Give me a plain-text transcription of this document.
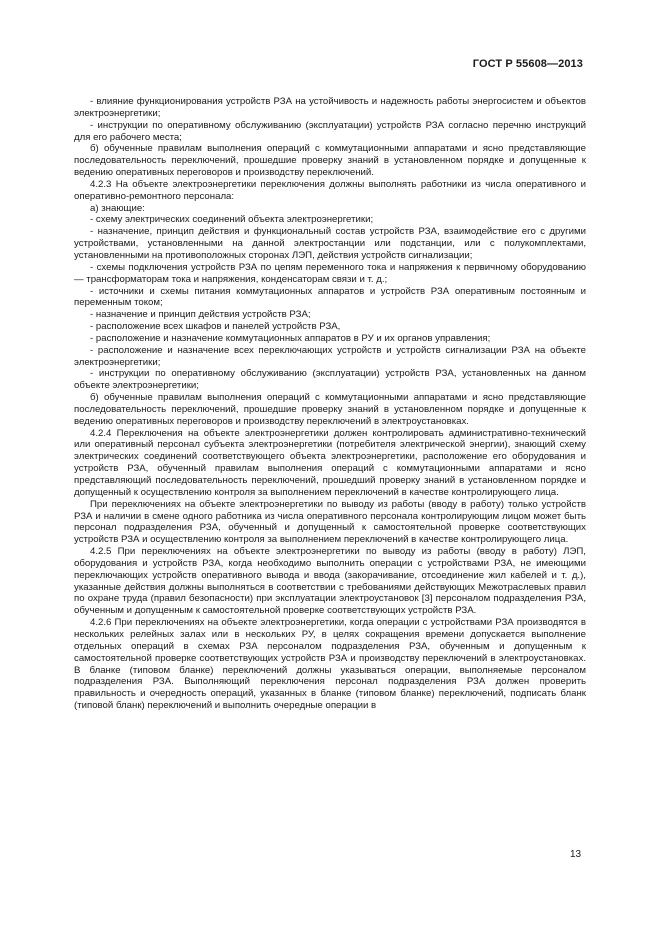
ГОСТ Р 55608—2013

- влияние функционирования устройств РЗА на устойчивость и надежность работы энергосистем и объектов электроэнергетики;

- инструкции по оперативному обслуживанию (эксплуатации) устройств РЗА согласно перечню инструкций для его рабочего места;

б) обученные правилам выполнения операций с коммутационными аппаратами и ясно представляющие последовательность переключений, прошедшие проверку знаний в установленном порядке и допущенные к ведению оперативных переговоров и производству переключений.

4.2.3 На объекте электроэнергетики переключения должны выполнять работники из числа оперативного и оперативно-ремонтного персонала:

а) знающие:

- схему электрических соединений объекта электроэнергетики;

- назначение, принцип действия и функциональный состав устройств РЗА, взаимодействие его с другими устройствами, установленными на данной электростанции или подстанции, или с полукомплектами, установленными на противоположных сторонах ЛЭП, действия устройств сигнализации;

- схемы подключения устройств РЗА по цепям переменного тока и напряжения к первичному оборудованию — трансформаторам тока и напряжения, конденсаторам связи и т. д.;

- источники и схемы питания коммутационных аппаратов и устройств РЗА оперативным постоянным и переменным током;

- назначение и принцип действия устройств РЗА;

- расположение всех шкафов и панелей устройств РЗА,

- расположение и назначение коммутационных аппаратов в РУ и их органов управления;

- расположение и назначение всех переключающих устройств и устройств сигнализации РЗА на объекте электроэнергетики;

- инструкции по оперативному обслуживанию (эксплуатации) устройств РЗА, установленных на данном объекте электроэнергетики;

б) обученные правилам выполнения операций с коммутационными аппаратами и ясно представляющие последовательность переключений, прошедшие проверку знаний в установленном порядке и допущенные к ведению оперативных переговоров и производству переключений в электроустановках.

4.2.4 Переключения на объекте электроэнергетики должен контролировать административно-технический или оперативный персонал субъекта электроэнергетики (потребителя электрической энергии), знающий схему электрических соединений соответствующего объекта электроэнергетики, расположение его оборудования и устройств РЗА, обученный правилам выполнения операций с коммутационными аппаратами и ясно представляющий последовательность переключений, прошедший проверку знаний в установленном порядке и допущенный к осуществлению контроля за выполнением переключений в качестве контролирующего лица.

При переключениях на объекте электроэнергетики по выводу из работы (вводу в работу) только устройств РЗА и наличии в смене одного работника из числа оперативного персонала контролирующим лицом может быть персонал подразделения РЗА, обученный и допущенный к самостоятельной проверке соответствующих устройств РЗА и осуществлению контроля за выполнением переключений в качестве контролирующего лица.

4.2.5 При переключениях на объекте электроэнергетики по выводу из работы (вводу в работу) ЛЭП, оборудования и устройств РЗА, когда необходимо выполнить операции с устройствами РЗА, не имеющими переключающих устройств оперативного вывода и ввода (закорачивание, отсоединение жил кабелей и т. д.), указанные действия должны выполняться в соответствии с требованиями действующих Межотраслевых правил по охране труда (правил безопасности) при эксплуатации электроустановок [3] персоналом подразделения РЗА, обученным и допущенным к самостоятельной проверке соответствующих устройств РЗА.

4.2.6 При переключениях на объекте электроэнергетики, когда операции с устройствами РЗА производятся в нескольких релейных залах или в нескольких РУ, в целях сокращения времени допускается выполнение отдельных операций в схемах РЗА персоналом подразделения РЗА, обученным и допущенным к самостоятельной проверке соответствующих устройств РЗА и производству переключений в электроустановках. В бланке (типовом бланке) переключений должны указываться операции, выполняемые персоналом подразделения РЗА. Выполняющий переключения персонал подразделения РЗА должен проверить правильность и очередность операций, указанных в бланке (типовом бланке) переключений, подписать бланк (типовой бланк) переключений и выполнить очередные операции в

13
